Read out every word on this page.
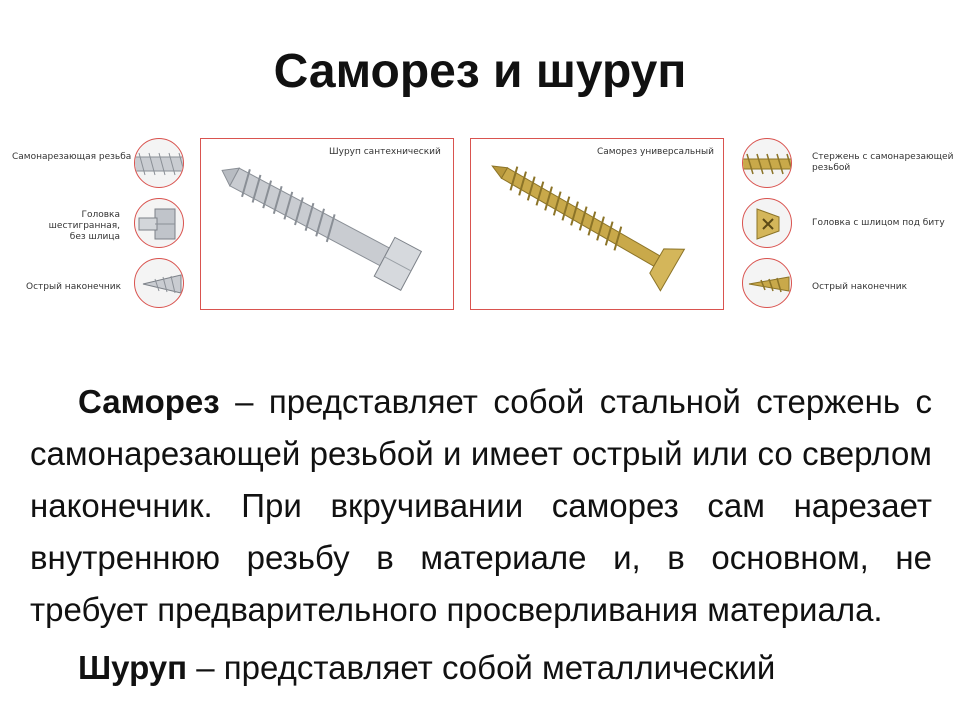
Саморез и шуруп
Самонарезающая резьба
Головка шестигранная,
без шлица
Острый наконечник
Шуруп сантехнический	Саморез универсальный	Стержень с самонарезающей
резьбой
Головка с шлицом под биту
Острый наконечник

Саморез – представляет собой стальной стержень с самонарезающей резьбой и имеет острый или со сверлом наконечник. При вкручивании саморез сам нарезает внутреннюю резьбу в материале и, в основном, не требует предварительного просверливания материала.

Шуруп – представляет собой металлический
